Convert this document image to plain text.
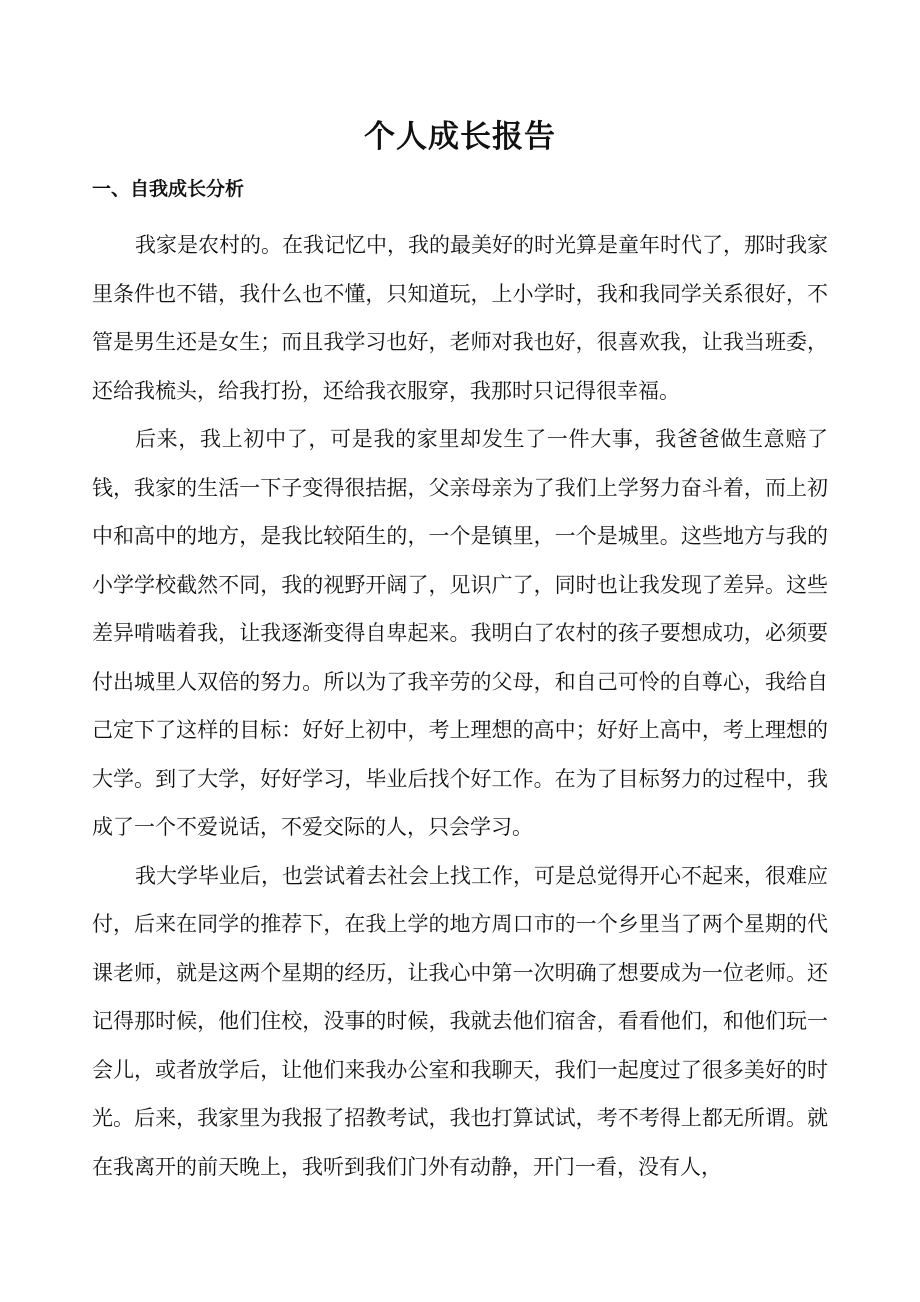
个人成长报告
一、自我成长分析

我家是农村的。在我记忆中，我的最美好的时光算是童年时代了，那时我家里条件也不错，我什么也不懂，只知道玩，上小学时，我和我同学关系很好，不管是男生还是女生；而且我学习也好，老师对我也好，很喜欢我，让我当班委，还给我梳头，给我打扮，还给我衣服穿，我那时只记得很幸福。

后来，我上初中了，可是我的家里却发生了一件大事，我爸爸做生意赔了钱，我家的生活一下子变得很拮据，父亲母亲为了我们上学努力奋斗着，而上初中和高中的地方，是我比较陌生的，一个是镇里，一个是城里。这些地方与我的小学学校截然不同，我的视野开阔了，见识广了，同时也让我发现了差异。这些差异啃啮着我，让我逐渐变得自卑起来。我明白了农村的孩子要想成功，必须要付出城里人双倍的努力。所以为了我辛劳的父母，和自己可怜的自尊心，我给自己定下了这样的目标：好好上初中，考上理想的高中；好好上高中，考上理想的大学。到了大学，好好学习，毕业后找个好工作。在为了目标努力的过程中，我成了一个不爱说话，不爱交际的人，只会学习。

我大学毕业后，也尝试着去社会上找工作，可是总觉得开心不起来，很难应付，后来在同学的推荐下，在我上学的地方周口市的一个乡里当了两个星期的代课老师，就是这两个星期的经历，让我心中第一次明确了想要成为一位老师。还记得那时候，他们住校，没事的时候，我就去他们宿舍，看看他们，和他们玩一会儿，或者放学后，让他们来我办公室和我聊天，我们一起度过了很多美好的时光。后来，我家里为我报了招教考试，我也打算试试，考不考得上都无所谓。就在我离开的前天晚上，我听到我们门外有动静，开门一看，没有人，
